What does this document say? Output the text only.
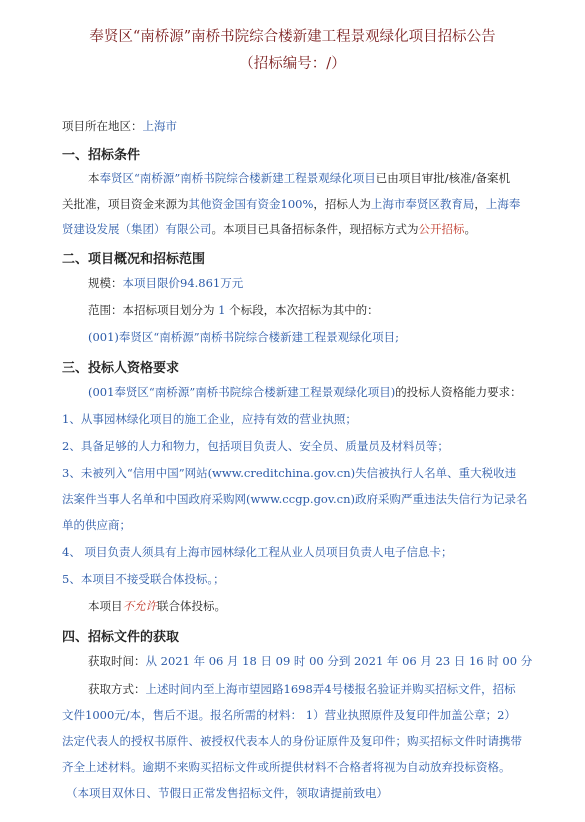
奉贤区“南桥源”南桥书院综合楼新建工程景观绿化项目招标公告
（招标编号：/）
项目所在地区：上海市
一、招标条件
本奉贤区“南桥源”南桥书院综合楼新建工程景观绿化项目已由项目审批/核准/备案机
关批准，项目资金来源为其他资金国有资金100%，招标人为上海市奉贤区教育局，上海奉
贤建设发展（集团）有限公司。本项目已具备招标条件，现招标方式为公开招标。
二、项目概况和招标范围
规模：本项目限价94.861万元
范围：本招标项目划分为 1 个标段，本次招标为其中的：
(001)奉贤区“南桥源”南桥书院综合楼新建工程景观绿化项目;
三、投标人资格要求
(001奉贤区“南桥源”南桥书院综合楼新建工程景观绿化项目)的投标人资格能力要求：
1、从事园林绿化项目的施工企业，应持有效的营业执照；
2、具备足够的人力和物力，包括项目负责人、安全员、质量员及材料员等；
3、未被列入“信用中国”网站(www.creditchina.gov.cn)失信被执行人名单、重大税收违
法案件当事人名单和中国政府采购网(www.ccgp.gov.cn)政府采购严重违法失信行为记录名
单的供应商；
4、 项目负责人须具有上海市园林绿化工程从业人员项目负责人电子信息卡；
5、本项目不接受联合体投标。；
本项目不允许联合体投标。
四、招标文件的获取
获取时间：从 2021 年 06 月 18 日 09 时 00 分到 2021 年 06 月 23 日 16 时 00 分
获取方式：上述时间内至上海市望园路1698弄4号楼报名验证并购买招标文件，招标
文件1000元/本，售后不退。报名所需的材料： 1）营业执照原件及复印件加盖公章；2）
法定代表人的授权书原件、被授权代表本人的身份证原件及复印件；购买招标文件时请携带
齐全上述材料。逾期不来购买招标文件或所提供材料不合格者将视为自动放弃投标资格。
（本项目双休日、节假日正常发售招标文件，领取请提前致电）
